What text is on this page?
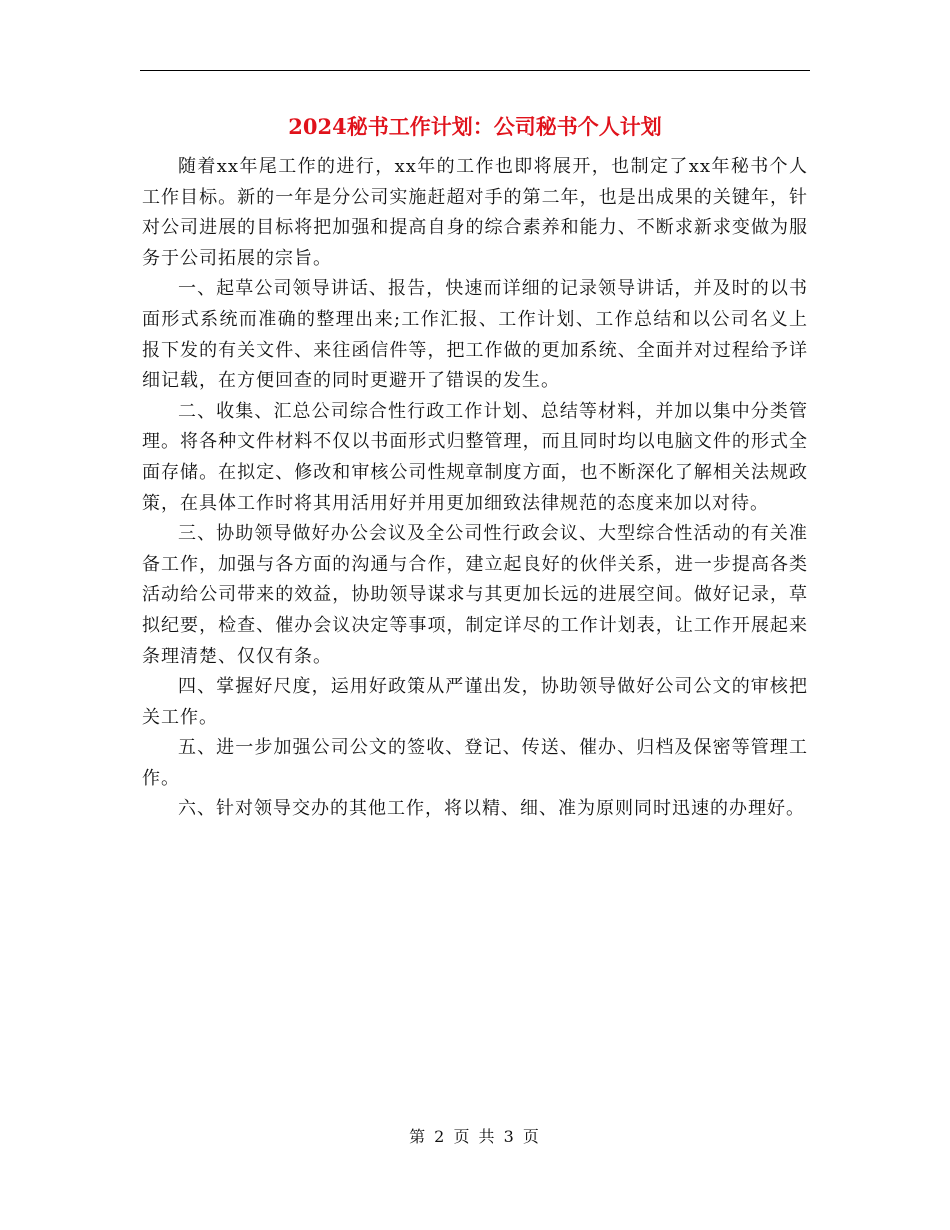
2024秘书工作计划：公司秘书个人计划

随着xx年尾工作的进行，xx年的工作也即将展开，也制定了xx年秘书个人工作目标。新的一年是分公司实施赶超对手的第二年，也是出成果的关键年，针对公司进展的目标将把加强和提高自身的综合素养和能力、不断求新求变做为服务于公司拓展的宗旨。

一、起草公司领导讲话、报告，快速而详细的记录领导讲话，并及时的以书面形式系统而准确的整理出来;工作汇报、工作计划、工作总结和以公司名义上报下发的有关文件、来往函信件等，把工作做的更加系统、全面并对过程给予详细记载，在方便回查的同时更避开了错误的发生。

二、收集、汇总公司综合性行政工作计划、总结等材料，并加以集中分类管理。将各种文件材料不仅以书面形式归整管理，而且同时均以电脑文件的形式全面存储。在拟定、修改和审核公司性规章制度方面，也不断深化了解相关法规政策，在具体工作时将其用活用好并用更加细致法律规范的态度来加以对待。

三、协助领导做好办公会议及全公司性行政会议、大型综合性活动的有关准备工作，加强与各方面的沟通与合作，建立起良好的伙伴关系，进一步提高各类活动给公司带来的效益，协助领导谋求与其更加长远的进展空间。做好记录，草拟纪要，检查、催办会议决定等事项，制定详尽的工作计划表，让工作开展起来条理清楚、仅仅有条。

四、掌握好尺度，运用好政策从严谨出发，协助领导做好公司公文的审核把关工作。

五、进一步加强公司公文的签收、登记、传送、催办、归档及保密等管理工作。

六、针对领导交办的其他工作，将以精、细、准为原则同时迅速的办理好。

第 2 页 共 3 页
